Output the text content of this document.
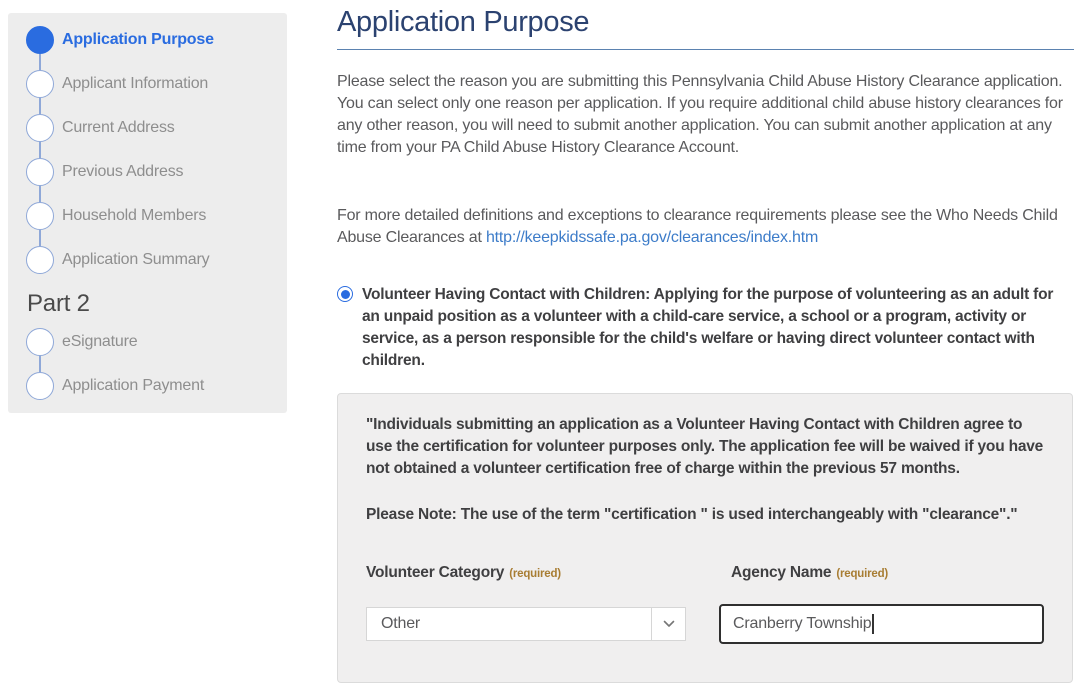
Application Purpose
Applicant Information
Current Address
Previous Address
Household Members
Application Summary
Part 2
eSignature
Application Payment
Application Purpose

Please select the reason you are submitting this Pennsylvania Child Abuse History Clearance application. You can select only one reason per application. If you require additional child abuse history clearances for any other reason, you will need to submit another application. You can submit another application at any time from your PA Child Abuse History Clearance Account.

For more detailed definitions and exceptions to clearance requirements please see the Who Needs Child Abuse Clearances at http://keepkidssafe.pa.gov/clearances/index.htm

Volunteer Having Contact with Children: Applying for the purpose of volunteering as an adult for an unpaid position as a volunteer with a child-care service, a school or a program, activity or service, as a person responsible for the child's welfare or having direct volunteer contact with children.

"Individuals submitting an application as a Volunteer Having Contact with Children agree to use the certification for volunteer purposes only. The application fee will be waived if you have not obtained a volunteer certification free of charge within the previous 57 months.

Please Note: The use of the term "certification " is used interchangeably with "clearance"."

Volunteer Category (required)
Other
Agency Name (required)
Cranberry Township
